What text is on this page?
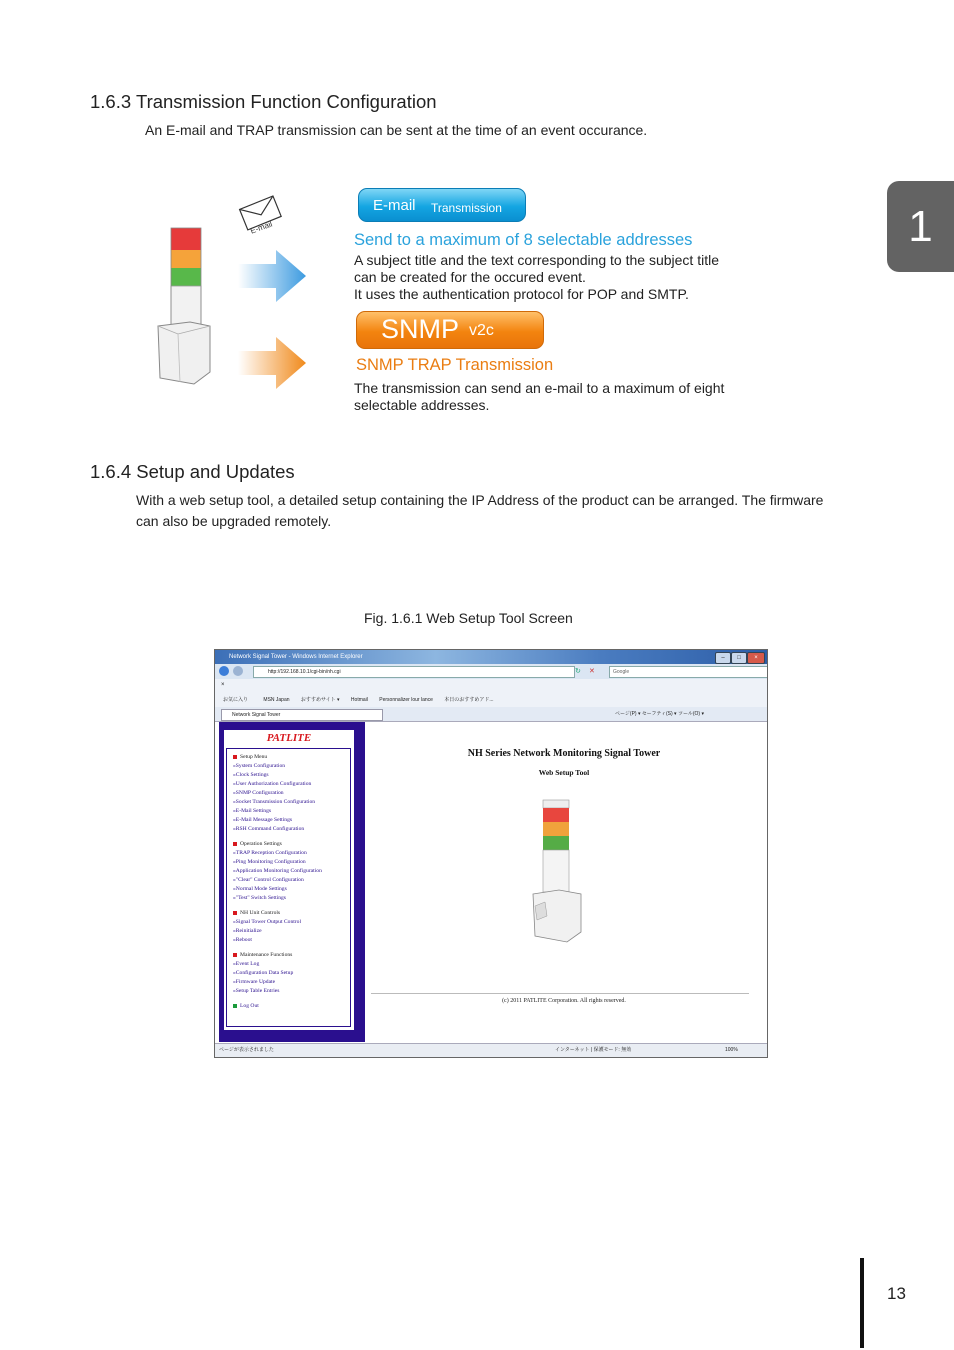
1
1.6.3 Transmission Function Configuration
An E-mail and TRAP transmission can be sent at the time of an event occurance.
E-mail
E-mail Transmission
Send to a maximum of 8 selectable addresses
A subject title and the text corresponding to the subject title
can be created for the occured event.
It uses the authentication protocol for POP and SMTP.
SNMP v2c
SNMP TRAP Transmission
The transmission can send an e-mail to a maximum of eight
selectable addresses.
1.6.4 Setup and Updates
With a web setup tool, a detailed setup containing the IP Address of the product can be arranged. The firmware
can also be upgraded remotely.
Fig. 1.6.1 Web Setup Tool Screen
Network Signal Tower - Windows Internet Explorer	–	□	×
http://192.168.10.1/cgi-bin/nh.cgi	↻ ✕	Google
×
お気に入り	MSN Japan おすすめサイト ▾ Hotmail Personnalizer lour lance 本日のおすすめアド...
Network Signal Tower	ページ(P) ▾ セーフティ(S) ▾ ツール(O) ▾
PATLITE
Setup Menu
»System Configuration
»Clock Settings
»User Authorization Configuration
»SNMP Configuration
»Socket Transmission Configuration
»E-Mail Settings
»E-Mail Message Settings
»RSH Command Configuration
Operation Settings
»TRAP Reception Configuration
»Ping Monitoring Configuration
»Application Monitoring Configuration
»"Clear" Control Configuration
»Normal Mode Settings
»"Test" Switch Settings
NH Unit Controls
»Signal Tower Output Control
»Reinitialize
»Reboot
Maintenance Functions
»Event Log
»Configuration Data Setup
»Firmware Update
»Setup Table Entries
Log Out
NH Series Network Monitoring Signal Tower
Web Setup Tool
(c) 2011 PATLITE Corporation. All rights reserved.
ページが表示されました	インターネット | 保護モード: 無効	100%
13
